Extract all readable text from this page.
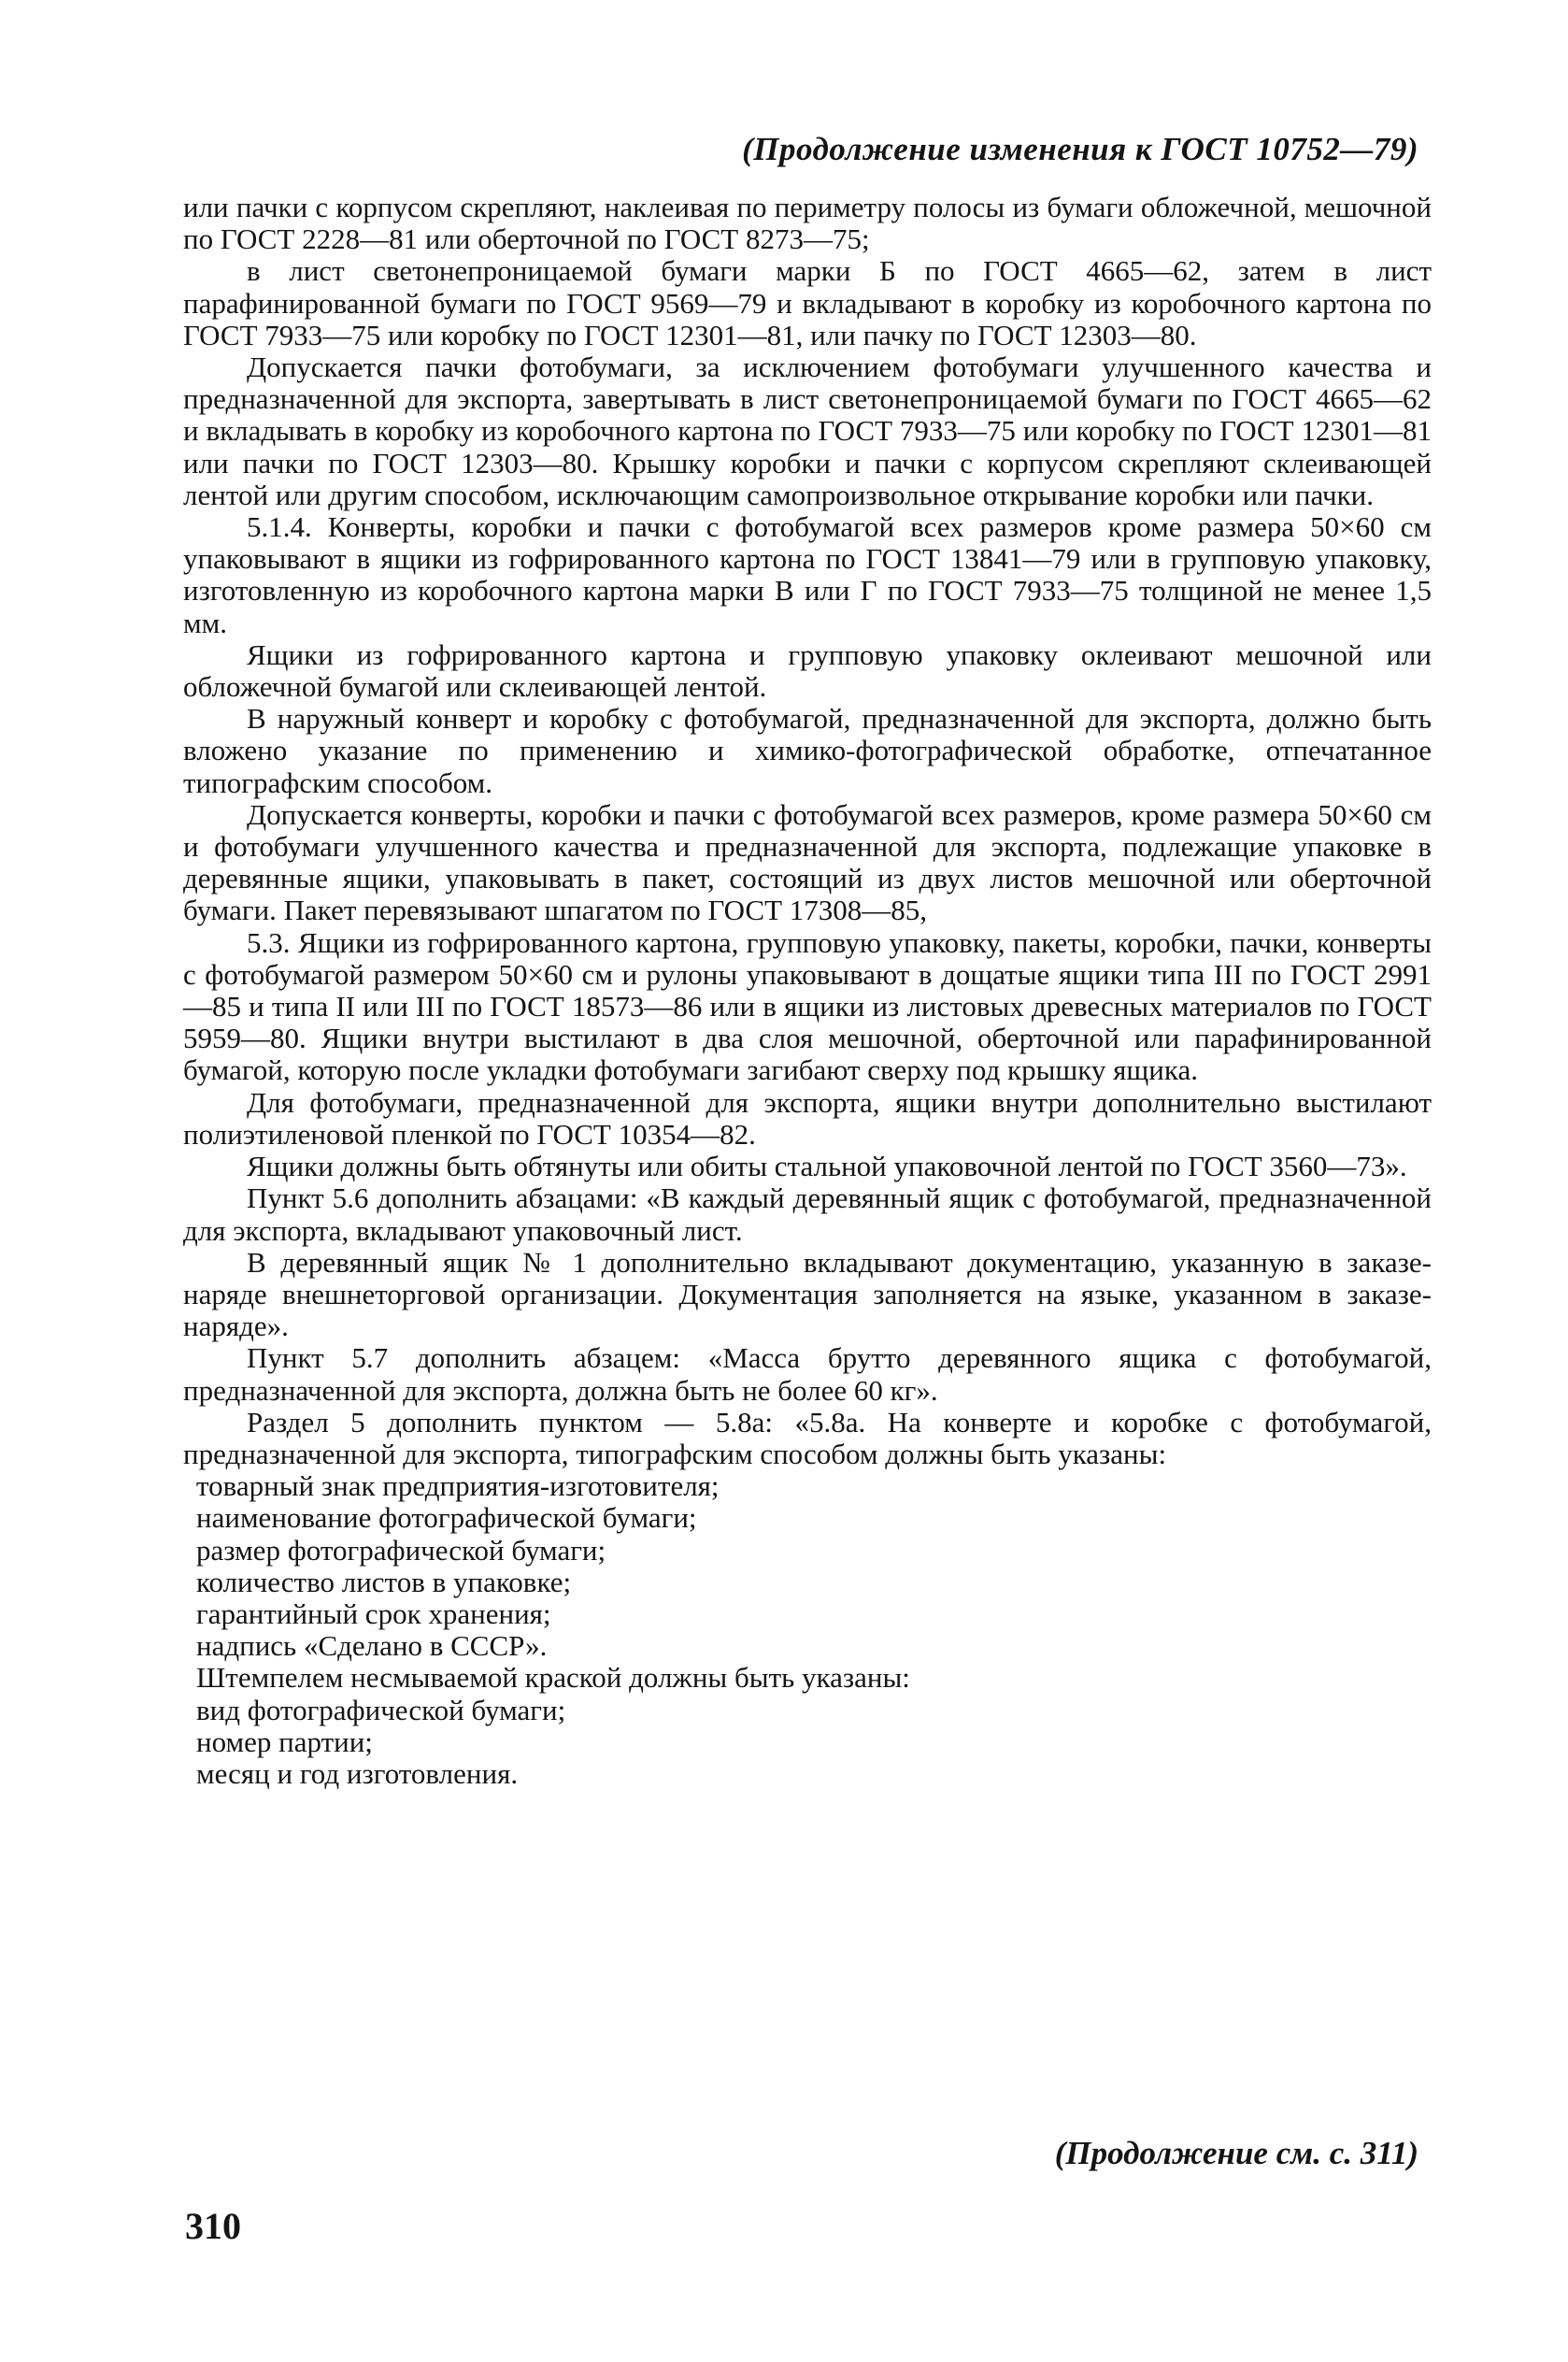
(Продолжение изменения к ГОСТ 10752—79)

или пачки с корпусом скрепляют, наклеивая по периметру полосы из бумаги обложечной, мешочной по ГОСТ 2228—81 или оберточной по ГОСТ 8273—75;

в лист светонепроницаемой бумаги марки Б по ГОСТ 4665—62, затем в лист парафинированной бумаги по ГОСТ 9569—79 и вкладывают в коробку из коробочного картона по ГОСТ 7933—75 или коробку по ГОСТ 12301—81, или пачку по ГОСТ 12303—80.

Допускается пачки фотобумаги, за исключением фотобумаги улучшенного качества и предназначенной для экспорта, завертывать в лист светонепроницаемой бумаги по ГОСТ 4665—62 и вкладывать в коробку из коробочного картона по ГОСТ 7933—75 или коробку по ГОСТ 12301—81 или пачки по ГОСТ 12303—80. Крышку коробки и пачки с корпусом скрепляют склеивающей лентой или другим способом, исключающим самопроизвольное открывание коробки или пачки.

5.1.4. Конверты, коробки и пачки с фотобумагой всех размеров кроме размера 50×60 см упаковывают в ящики из гофрированного картона по ГОСТ 13841—79 или в групповую упаковку, изготовленную из коробочного картона марки В или Г по ГОСТ 7933—75 толщиной не менее 1,5 мм.

Ящики из гофрированного картона и групповую упаковку оклеивают мешочной или обложечной бумагой или склеивающей лентой.

В наружный конверт и коробку с фотобумагой, предназначенной для экспорта, должно быть вложено указание по применению и химико-фотографической обработке, отпечатанное типографским способом.

Допускается конверты, коробки и пачки с фотобумагой всех размеров, кроме размера 50×60 см и фотобумаги улучшенного качества и предназначенной для экспорта, подлежащие упаковке в деревянные ящики, упаковывать в пакет, состоящий из двух листов мешочной или оберточной бумаги. Пакет перевязывают шпагатом по ГОСТ 17308—85,

5.3. Ящики из гофрированного картона, групповую упаковку, пакеты, коробки, пачки, конверты с фотобумагой размером 50×60 см и рулоны упаковывают в дощатые ящики типа III по ГОСТ 2991—85 и типа II или III по ГОСТ 18573—86 или в ящики из листовых древесных материалов по ГОСТ 5959—80. Ящики внутри выстилают в два слоя мешочной, оберточной или парафинированной бумагой, которую после укладки фотобумаги загибают сверху под крышку ящика.

Для фотобумаги, предназначенной для экспорта, ящики внутри дополнительно выстилают полиэтиленовой пленкой по ГОСТ 10354—82.

Ящики должны быть обтянуты или обиты стальной упаковочной лентой по ГОСТ 3560—73».

Пункт 5.6 дополнить абзацами: «В каждый деревянный ящик с фотобумагой, предназначенной для экспорта, вкладывают упаковочный лист.

В деревянный ящик № 1 дополнительно вкладывают документацию, указанную в заказе-наряде внешнеторговой организации. Документация заполняется на языке, указанном в заказе-наряде».

Пункт 5.7 дополнить абзацем: «Масса брутто деревянного ящика с фотобумагой, предназначенной для экспорта, должна быть не более 60 кг».

Раздел 5 дополнить пунктом — 5.8а: «5.8а. На конверте и коробке с фотобумагой, предназначенной для экспорта, типографским способом должны быть указаны:

товарный знак предприятия-изготовителя;
наименование фотографической бумаги;
размер фотографической бумаги;
количество листов в упаковке;
гарантийный срок хранения;
надпись «Сделано в СССР».
Штемпелем несмываемой краской должны быть указаны:
вид фотографической бумаги;
номер партии;
месяц и год изготовления.
(Продолжение см. с. 311)
310
